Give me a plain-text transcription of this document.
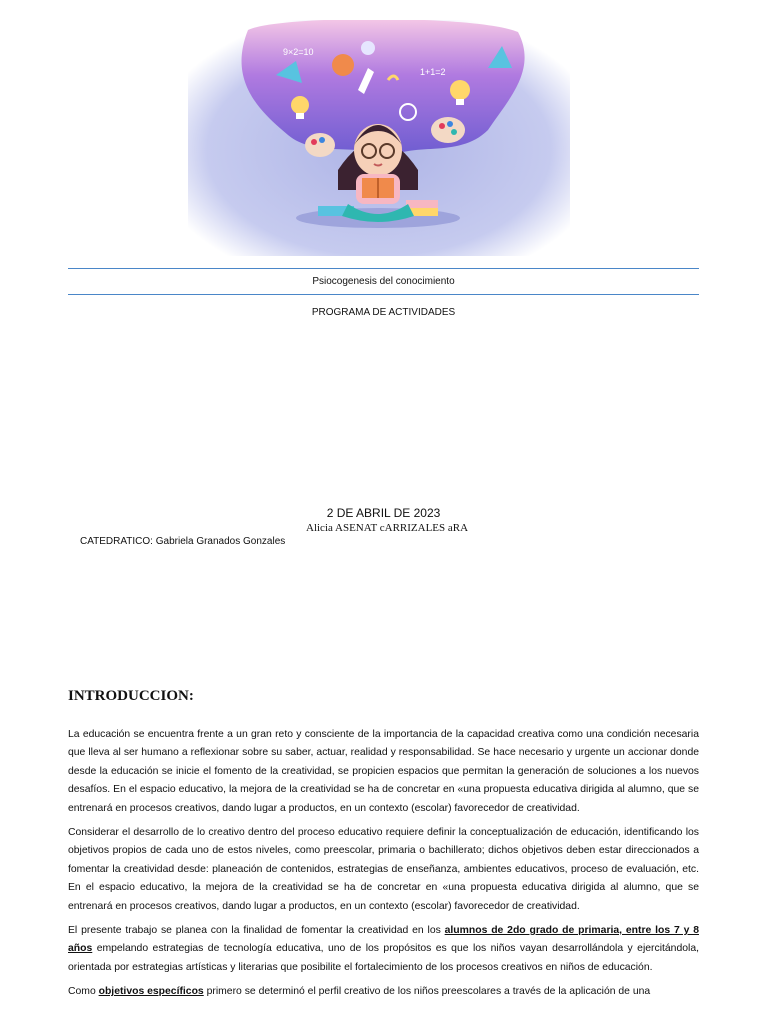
9×2=10
1+1=2
Psiocogenesis del conocimiento
PROGRAMA DE ACTIVIDADES
2 DE ABRIL DE 2023
Alicia ASENAT cARRIZALES aRA
CATEDRATICO: Gabriela Granados Gonzales
INTRODUCCION:

La educación se encuentra frente a un gran reto y consciente de la importancia de la capacidad creativa como una condición necesaria que lleva al ser humano a reflexionar sobre su saber, actuar, realidad y responsabilidad. Se hace necesario y urgente un accionar donde desde la educación se inicie el fomento de la creatividad, se propicien espacios que permitan la generación de soluciones a los nuevos desafíos. En el espacio educativo, la mejora de la creatividad se ha de concretar en «una propuesta educativa dirigida al alumno, que se entrenará en procesos creativos, dando lugar a productos, en un contexto (escolar) favorecedor de creatividad.

Considerar el desarrollo de lo creativo dentro del proceso educativo requiere definir la conceptualización de educación, identificando los objetivos propios de cada uno de estos niveles, como preescolar, primaria o bachillerato; dichos objetivos deben estar direccionados a fomentar la creatividad desde: planeación de contenidos, estrategias de enseñanza, ambientes educativos, proceso de evaluación, etc. En el espacio educativo, la mejora de la creatividad se ha de concretar en «una propuesta educativa dirigida al alumno, que se entrenará en procesos creativos, dando lugar a productos, en un contexto (escolar) favorecedor de creatividad.

El presente trabajo se planea con la finalidad de fomentar la creatividad en los alumnos de 2do grado de primaria, entre los 7 y 8 años empelando estrategias de tecnología educativa, uno de los propósitos es que los niños vayan desarrollándola y ejercitándola, orientada por estrategias artísticas y literarias que posibilite el fortalecimiento de los procesos creativos en niños de educación.

Como objetivos específicos primero se determinó el perfil creativo de los niños preescolares a través de la aplicación de una
